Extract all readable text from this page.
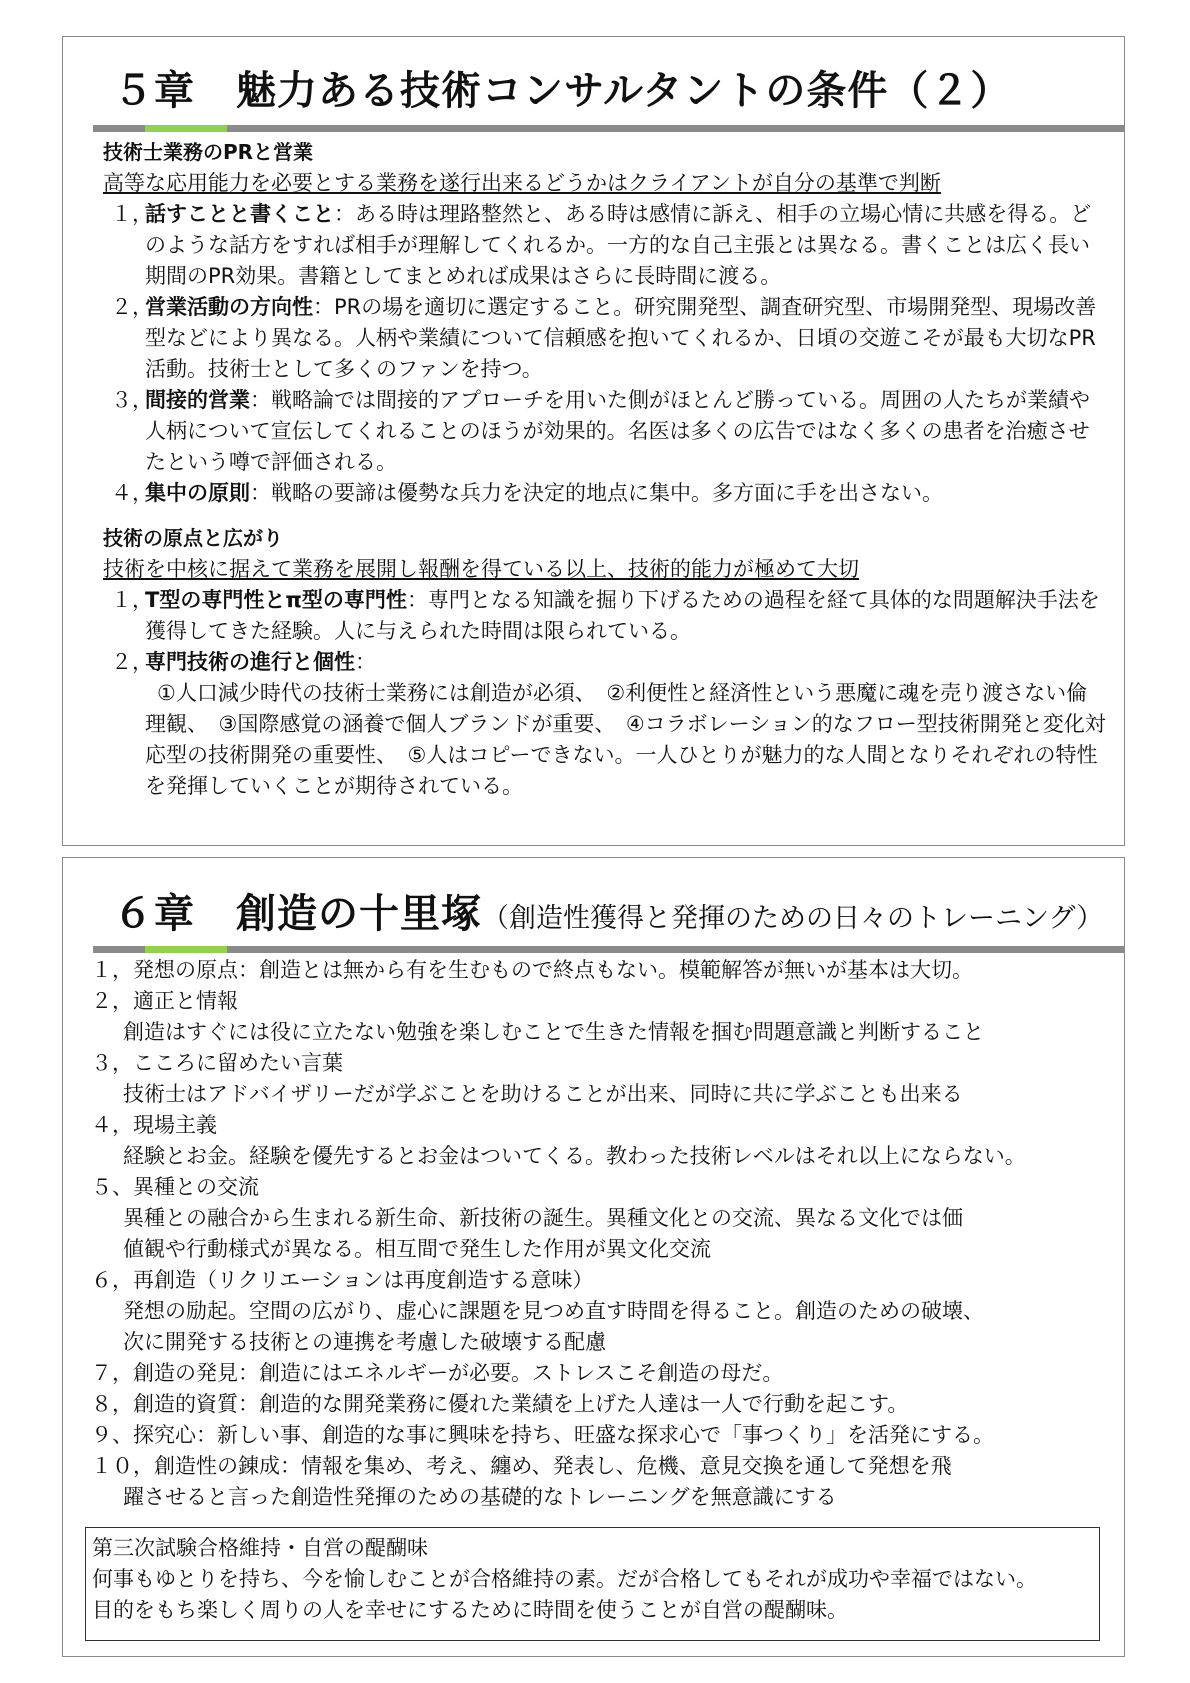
５章　魅力ある技術コンサルタントの条件（２）
技術士業務のPRと営業
高等な応用能力を必要とする業務を遂行出来るどうかはクライアントが自分の基準で判断
１，
話すことと書くこと：ある時は理路整然と、ある時は感情に訴え、相手の立場心情に共感を得る。どのような話方をすれば相手が理解してくれるか。一方的な自己主張とは異なる。書くことは広く長い期間のPR効果。書籍としてまとめれば成果はさらに長時間に渡る。
２，
営業活動の方向性：PRの場を適切に選定すること。研究開発型、調査研究型、市場開発型、現場改善型などにより異なる。人柄や業績について信頼感を抱いてくれるか、日頃の交遊こそが最も大切なPR活動。技術士として多くのファンを持つ。
３，
間接的営業：戦略論では間接的アプローチを用いた側がほとんど勝っている。周囲の人たちが業績や人柄について宣伝してくれることのほうが効果的。名医は多くの広告ではなく多くの患者を治癒させたという噂で評価される。
４，
集中の原則：戦略の要諦は優勢な兵力を決定的地点に集中。多方面に手を出さない。
技術の原点と広がり
技術を中核に据えて業務を展開し報酬を得ている以上、技術的能力が極めて大切
１，
T型の専門性とπ型の専門性：専門となる知識を掘り下げるための過程を経て具体的な問題解決手法を獲得してきた経験。人に与えられた時間は限られている。
２，
専門技術の進行と個性：
①人口減少時代の技術士業務には創造が必須、　②利便性と経済性という悪魔に魂を売り渡さない倫理観、　③国際感覚の涵養で個人ブランドが重要、　④コラボレーション的なフロー型技術開発と変化対応型の技術開発の重要性、　⑤人はコピーできない。一人ひとりが魅力的な人間となりそれぞれの特性を発揮していくことが期待されている。
６章　創造の十里塚（創造性獲得と発揮のための日々のトレーニング）
１，発想の原点：創造とは無から有を生むもので終点もない。模範解答が無いが基本は大切。
２，適正と情報
創造はすぐには役に立たない勉強を楽しむことで生きた情報を掴む問題意識と判断すること
３，こころに留めたい言葉
技術士はアドバイザリーだが学ぶことを助けることが出来、同時に共に学ぶことも出来る
４，現場主義
経験とお金。経験を優先するとお金はついてくる。教わった技術レベルはそれ以上にならない。
５、異種との交流
異種との融合から生まれる新生命、新技術の誕生。異種文化との交流、異なる文化では価
値観や行動様式が異なる。相互間で発生した作用が異文化交流
６，再創造（リクリエーションは再度創造する意味）
発想の励起。空間の広がり、虚心に課題を見つめ直す時間を得ること。創造のための破壊、
次に開発する技術との連携を考慮した破壊する配慮
７，創造の発見：創造にはエネルギーが必要。ストレスこそ創造の母だ。
８，創造的資質：創造的な開発業務に優れた業績を上げた人達は一人で行動を起こす。
９、探究心：新しい事、創造的な事に興味を持ち、旺盛な探求心で「事つくり」を活発にする。
１０，創造性の錬成：情報を集め、考え、纏め、発表し、危機、意見交換を通して発想を飛
躍させると言った創造性発揮のための基礎的なトレーニングを無意識にする
第三次試験合格維持・自営の醍醐味
何事もゆとりを持ち、今を愉しむことが合格維持の素。だが合格してもそれが成功や幸福ではない。
目的をもち楽しく周りの人を幸せにするために時間を使うことが自営の醍醐味。
